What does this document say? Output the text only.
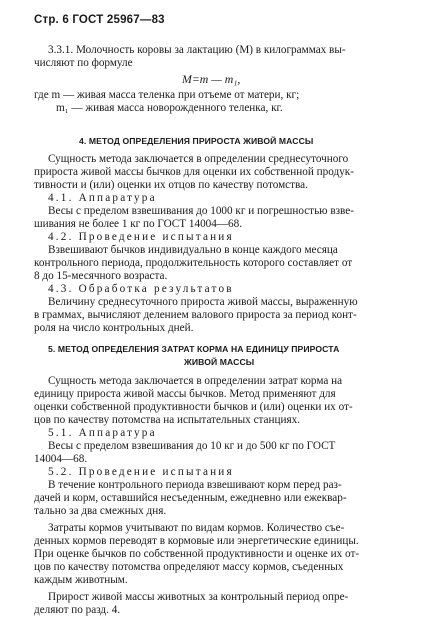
Стр. 6 ГОСТ 25967—83
3.3.1. Молочность коровы за лактацию (M) в килограммах вы-
числяют по формуле
M=m — m₁,
где m — живая масса теленка при отъеме от матери, кг;
m₁ — живая масса новорожденного теленка, кг.
4. МЕТОД ОПРЕДЕЛЕНИЯ ПРИРОСТА ЖИВОЙ МАССЫ
Сущность метода заключается в определении среднесуточного
прироста живой массы бычков для оценки их собственной продук-
тивности и (или) оценки их отцов по качеству потомства.
4.1. Аппаратура
Весы с пределом взвешивания до 1000 кг и погрешностью взве-
шивания не более 1 кг по ГОСТ 14004—68.
4.2. Проведение испытания
Взвешивают бычков индивидуально в конце каждого месяца
контрольного периода, продолжительность которого составляет от
8 до 15-месячного возраста.
4.3. Обработка результатов
Величину среднесуточного прироста живой массы, выраженную
в граммах, вычисляют делением валового прироста за период конт-
роля на число контрольных дней.
5. МЕТОД ОПРЕДЕЛЕНИЯ ЗАТРАТ КОРМА НА ЕДИНИЦУ ПРИРОСТА
ЖИВОЙ МАССЫ
Сущность метода заключается в определении затрат корма на
единицу прироста живой массы бычков. Метод применяют для
оценки собственной продуктивности бычков и (или) оценки их от-
цов по качеству потомства на испытательных станциях.
5.1. Аппаратура
Весы с пределом взвешивания до 10 кг и до 500 кг по ГОСТ
14004—68.
5.2. Проведение испытания
В течение контрольного периода взвешивают корм перед раз-
дачей и корм, оставшийся несъеденным, ежедневно или ежеквар-
тально за два смежных дня.
Затраты кормов учитывают по видам кормов. Количество съе-
денных кормов переводят в кормовые или энергетические единицы.
При оценке бычков по собственной продуктивности и оценке их от-
цов по качеству потомства определяют массу кормов, съеденных
каждым животным.
Прирост живой массы животных за контрольный период опре-
деляют по разд. 4.
